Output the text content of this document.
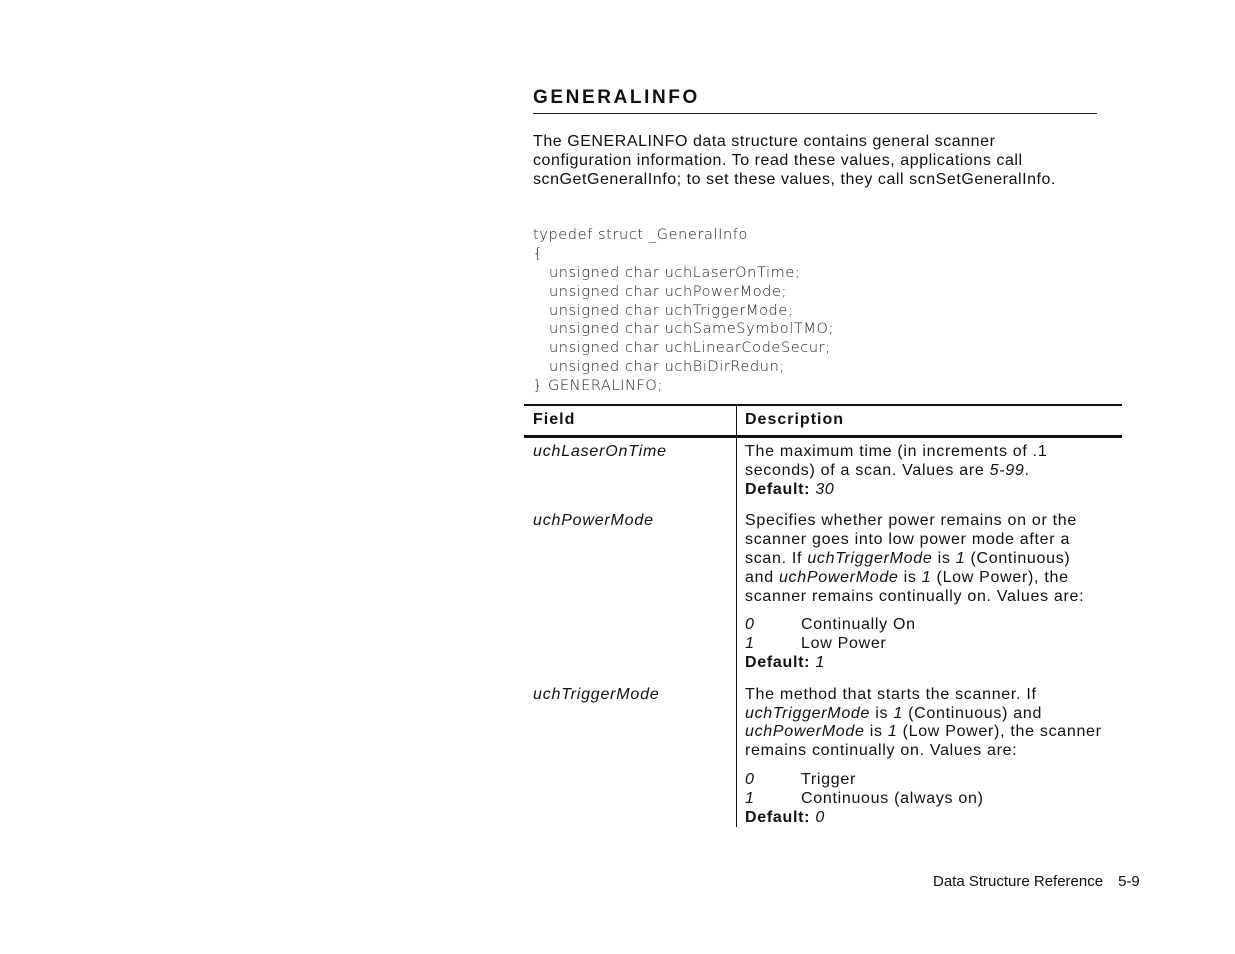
GENERALINFO
The GENERALINFO data structure contains general scanner configuration information. To read these values, applications call scnGetGeneralInfo; to set these values, they call scnSetGeneralInfo.
typedef struct _GeneralInfo
{
unsigned char uchLaserOnTime;
unsigned char uchPowerMode;
unsigned char uchTriggerMode;
unsigned char uchSameSymbolTMO;
unsigned char uchLinearCodeSecur;
unsigned char uchBiDirRedun;
} GENERALINFO;
Field	Description
uchLaserOnTime	The maximum time (in increments of .1 seconds) of a scan. Values are 5-99.

Default: 30

uchPowerMode	Specifies whether power remains on or the scanner goes into low power mode after a scan. If uchTriggerMode is 1 (Continuous) and uchPowerMode is 1 (Low Power), the scanner remains continually on. Values are:

0	Continually On
1	Low Power

Default: 1

uchTriggerMode	The method that starts the scanner. If uchTriggerMode is 1 (Continuous) and uchPowerMode is 1 (Low Power), the scanner remains continually on. Values are:

0	Trigger
1	Continuous (always on)

Default: 0

Data Structure Reference 5-9
